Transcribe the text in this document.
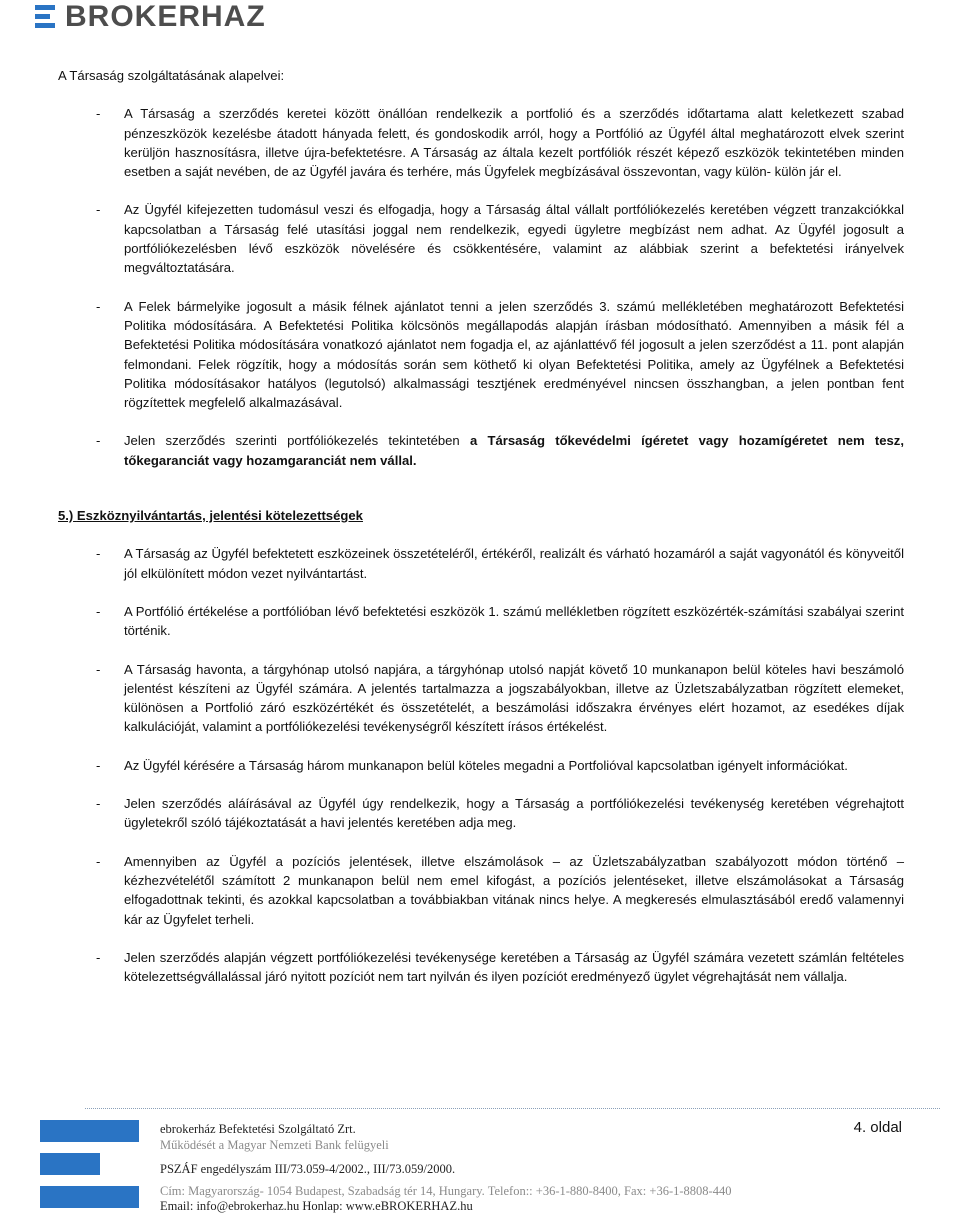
BROKERHAZ

A Társaság szolgáltatásának alapelvei:

- A Társaság a szerződés keretei között önállóan rendelkezik a portfolió és a szerződés időtartama alatt keletkezett szabad pénzeszközök kezelésbe átadott hányada felett, és gondoskodik arról, hogy a Portfólió az Ügyfél által meghatározott elvek szerint kerüljön hasznosításra, illetve újra-befektetésre. A Társaság az általa kezelt portfóliók részét képező eszközök tekintetében minden esetben a saját nevében, de az Ügyfél javára és terhére, más Ügyfelek megbízásával összevontan, vagy külön- külön jár el.
- Az Ügyfél kifejezetten tudomásul veszi és elfogadja, hogy a Társaság által vállalt portfóliókezelés keretében végzett tranzakciókkal kapcsolatban a Társaság felé utasítási joggal nem rendelkezik, egyedi ügyletre megbízást nem adhat. Az Ügyfél jogosult a portfóliókezelésben lévő eszközök növelésére és csökkentésére, valamint az alábbiak szerint a befektetési irányelvek megváltoztatására.
- A Felek bármelyike jogosult a másik félnek ajánlatot tenni a jelen szerződés 3. számú mellékletében meghatározott Befektetési Politika módosítására. A Befektetési Politika kölcsönös megállapodás alapján írásban módosítható. Amennyiben a másik fél a Befektetési Politika módosítására vonatkozó ajánlatot nem fogadja el, az ajánlattévő fél jogosult a jelen szerződést a 11. pont alapján felmondani. Felek rögzítik, hogy a módosítás során sem köthető ki olyan Befektetési Politika, amely az Ügyfélnek a Befektetési Politika módosításakor hatályos (legutolsó) alkalmassági tesztjének eredményével nincsen összhangban, a jelen pontban fent rögzítettek megfelelő alkalmazásával.
- Jelen szerződés szerinti portfóliókezelés tekintetében a Társaság tőkevédelmi ígéretet vagy hozamígéretet nem tesz, tőkegaranciát vagy hozamgaranciát nem vállal.
5.) Eszköznyilvántartás, jelentési kötelezettségek
- A Társaság az Ügyfél befektetett eszközeinek összetételéről, értékéről, realizált és várható hozamáról a saját vagyonától és könyveitől jól elkülönített módon vezet nyilvántartást.
- A Portfólió értékelése a portfólióban lévő befektetési eszközök 1. számú mellékletben rögzített eszközérték-számítási szabályai szerint történik.
- A Társaság havonta, a tárgyhónap utolsó napjára, a tárgyhónap utolsó napját követő 10 munkanapon belül köteles havi beszámoló jelentést készíteni az Ügyfél számára. A jelentés tartalmazza a jogszabályokban, illetve az Üzletszabályzatban rögzített elemeket, különösen a Portfolió záró eszközértékét és összetételét, a beszámolási időszakra érvényes elért hozamot, az esedékes díjak kalkulációját, valamint a portfóliókezelési tevékenységről készített írásos értékelést.
- Az Ügyfél kérésére a Társaság három munkanapon belül köteles megadni a Portfolióval kapcsolatban igényelt információkat.
- Jelen szerződés aláírásával az Ügyfél úgy rendelkezik, hogy a Társaság a portfóliókezelési tevékenység keretében végrehajtott ügyletekről szóló tájékoztatását a havi jelentés keretében adja meg.
- Amennyiben az Ügyfél a pozíciós jelentések, illetve elszámolások – az Üzletszabályzatban szabályozott módon történő – kézhezvételétől számított 2 munkanapon belül nem emel kifogást, a pozíciós jelentéseket, illetve elszámolásokat a Társaság elfogadottnak tekinti, és azokkal kapcsolatban a továbbiakban vitának nincs helye. A megkeresés elmulasztásából eredő valamennyi kár az Ügyfelet terheli.
- Jelen szerződés alapján végzett portfóliókezelési tevékenysége keretében a Társaság az Ügyfél számára vezetett számlán feltételes kötelezettségvállalással járó nyitott pozíciót nem tart nyilván és ilyen pozíciót eredményező ügylet végrehajtását nem vállalja.
ebrokerház Befektetési Szolgáltató Zrt.
Működését a Magyar Nemzeti Bank felügyeli
PSZÁF engedélyszám III/73.059-4/2002., III/73.059/2000.
Cím: Magyarország- 1054 Budapest, Szabadság tér 14, Hungary. Telefon:: +36-1-880-8400, Fax: +36-1-8808-440
Email: info@ebrokerhaz.hu Honlap: www.eBROKERHAZ.hu
4. oldal
